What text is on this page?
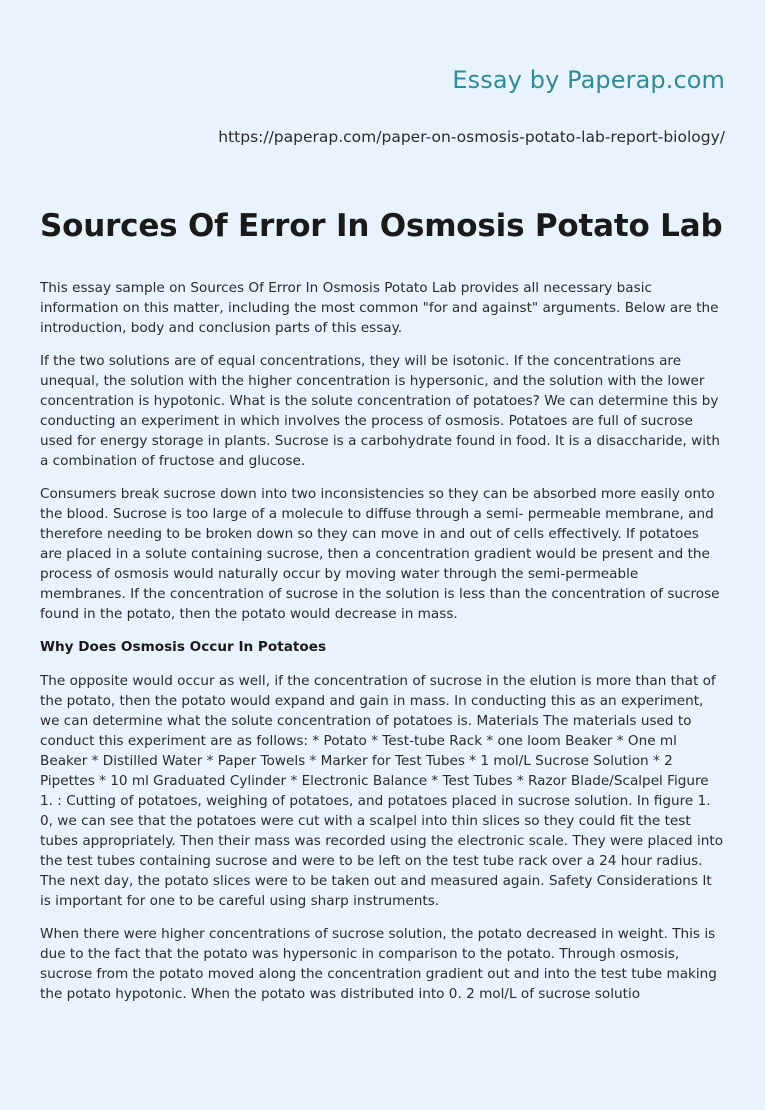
Essay by Paperap.com
https://paperap.com/paper-on-osmosis-potato-lab-report-biology/
Sources Of Error In Osmosis Potato Lab

This essay sample on Sources Of Error In Osmosis Potato Lab provides all necessary basic information on this matter, including the most common "for and against" arguments. Below are the introduction, body and conclusion parts of this essay.

If the two solutions are of equal concentrations, they will be isotonic. If the concentrations are unequal, the solution with the higher concentration is hypersonic, and the solution with the lower concentration is hypotonic. What is the solute concentration of potatoes? We can determine this by conducting an experiment in which involves the process of osmosis. Potatoes are full of sucrose used for energy storage in plants. Sucrose is a carbohydrate found in food. It is a disaccharide, with a combination of fructose and glucose.

Consumers break sucrose down into two inconsistencies so they can be absorbed more easily onto the blood. Sucrose is too large of a molecule to diffuse through a semi- permeable membrane, and therefore needing to be broken down so they can move in and out of cells effectively. If potatoes are placed in a solute containing sucrose, then a concentration gradient would be present and the process of osmosis would naturally occur by moving water through the semi-permeable membranes. If the concentration of sucrose in the solution is less than the concentration of sucrose found in the potato, then the potato would decrease in mass.

Why Does Osmosis Occur In Potatoes

The opposite would occur as well, if the concentration of sucrose in the elution is more than that of the potato, then the potato would expand and gain in mass. In conducting this as an experiment, we can determine what the solute concentration of potatoes is. Materials The materials used to conduct this experiment are as follows: * Potato * Test-tube Rack * one loom Beaker * One ml Beaker * Distilled Water * Paper Towels * Marker for Test Tubes * 1 mol/L Sucrose Solution * 2 Pipettes * 10 ml Graduated Cylinder * Electronic Balance * Test Tubes * Razor Blade/Scalpel Figure 1. : Cutting of potatoes, weighing of potatoes, and potatoes placed in sucrose solution. In figure 1. 0, we can see that the potatoes were cut with a scalpel into thin slices so they could fit the test tubes appropriately. Then their mass was recorded using the electronic scale. They were placed into the test tubes containing sucrose and were to be left on the test tube rack over a 24 hour radius. The next day, the potato slices were to be taken out and measured again. Safety Considerations It is important for one to be careful using sharp instruments.

When there were higher concentrations of sucrose solution, the potato decreased in weight. This is due to the fact that the potato was hypersonic in comparison to the potato. Through osmosis, sucrose from the potato moved along the concentration gradient out and into the test tube making the potato hypotonic. When the potato was distributed into 0. 2 mol/L of sucrose solutio
